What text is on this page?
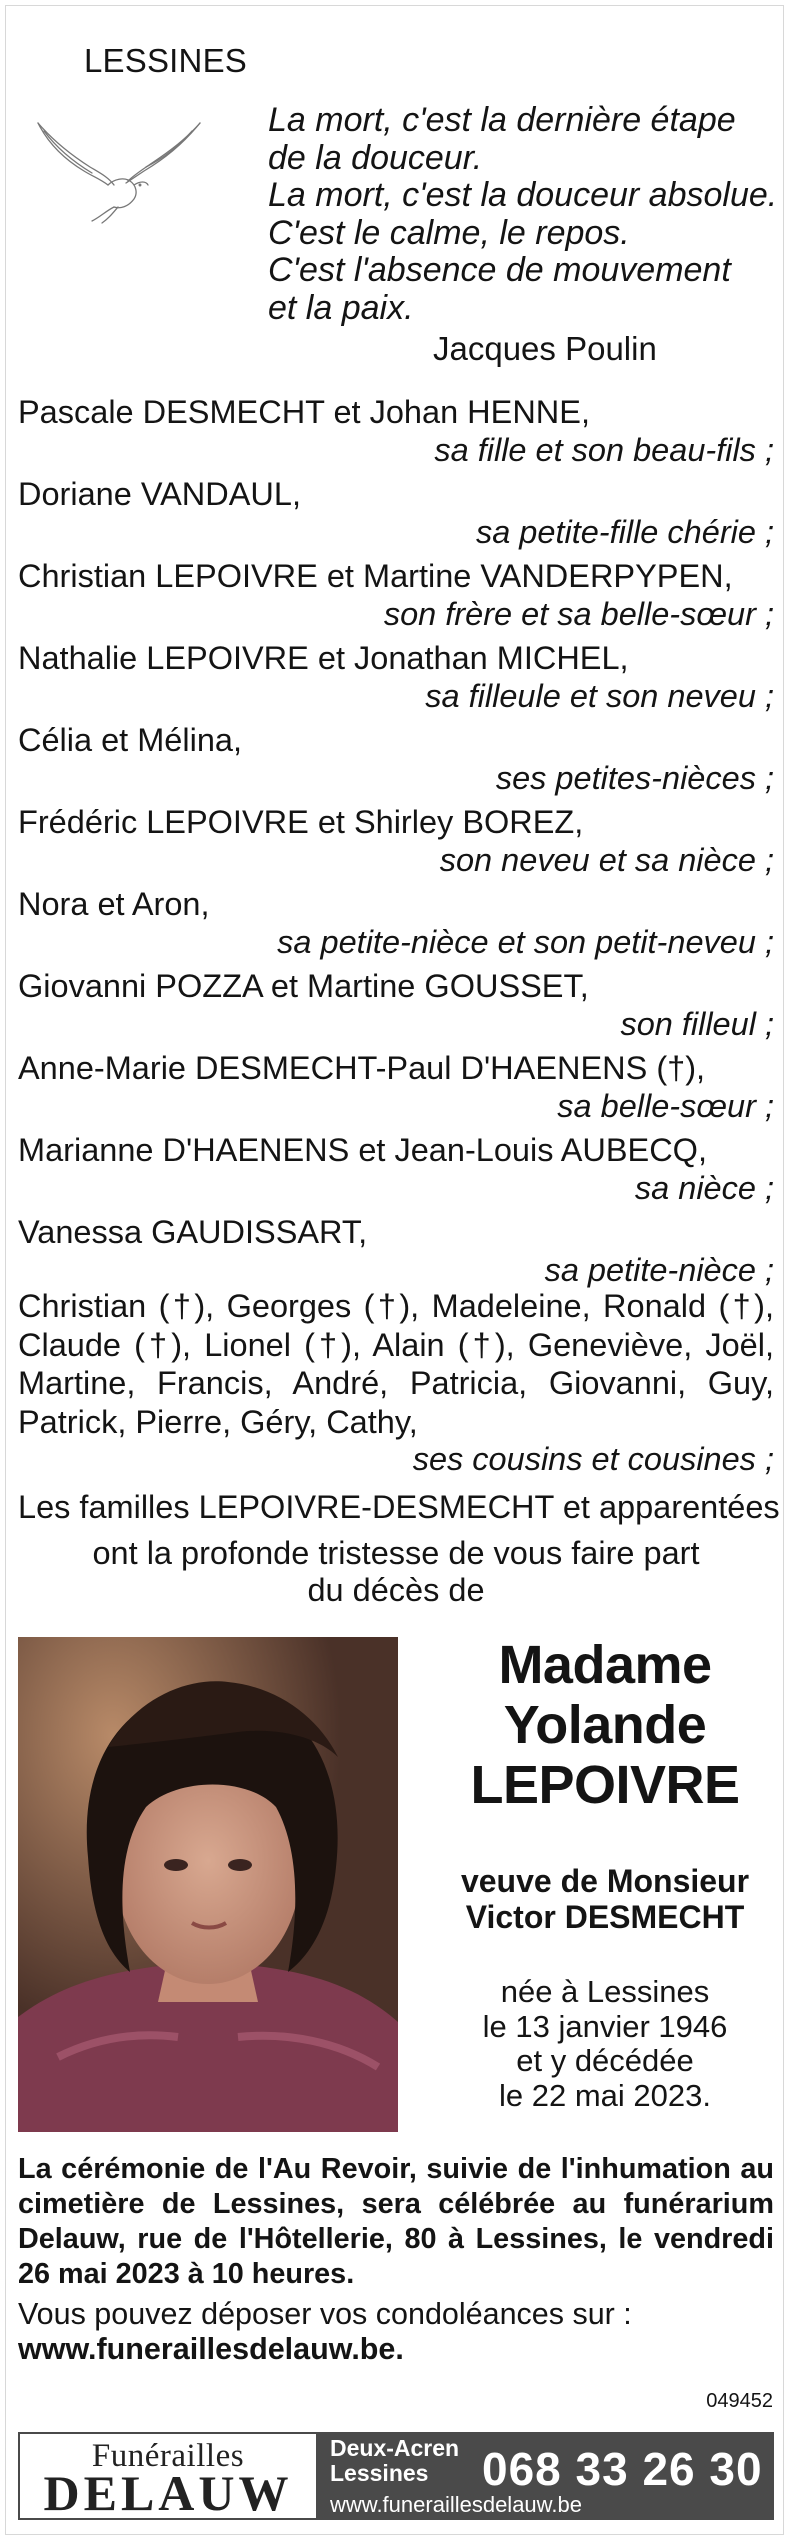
LESSINES
La mort, c'est la dernière étape
de la douceur.
La mort, c'est la douceur absolue.
C'est le calme, le repos.
C'est l'absence de mouvement
et la paix.
Jacques Poulin
Pascale DESMECHT et Johan HENNE,
sa fille et son beau-fils ;
Doriane VANDAUL,
sa petite-fille chérie ;
Christian LEPOIVRE et Martine VANDERPYPEN,
son frère et sa belle-sœur ;
Nathalie LEPOIVRE et Jonathan MICHEL,
sa filleule et son neveu ;
Célia et Mélina,
ses petites-nièces ;
Frédéric LEPOIVRE et Shirley BOREZ,
son neveu et sa nièce ;
Nora et Aron,
sa petite-nièce et son petit-neveu ;
Giovanni POZZA et Martine GOUSSET,
son filleul ;
Anne-Marie DESMECHT-Paul D'HAENENS (†),
sa belle-sœur ;
Marianne D'HAENENS et Jean-Louis AUBECQ,
sa nièce ;
Vanessa GAUDISSART,
sa petite-nièce ;
Christian (†), Georges (†), Madeleine, Ronald (†), Claude (†), Lionel (†), Alain (†), Geneviève, Joël, Martine, Francis, André, Patricia, Giovanni, Guy, Patrick, Pierre, Géry, Cathy,
ses cousins et cousines ;
Les familles LEPOIVRE-DESMECHT et apparentées
ont la profonde tristesse de vous faire part
du décès de
Madame
Yolande
LEPOIVRE
veuve de Monsieur
Victor DESMECHT
née à Lessines
le 13 janvier 1946
et y décédée
le 22 mai 2023.
La cérémonie de l'Au Revoir, suivie de l'inhumation au cimetière de Lessines, sera célébrée au funérarium Delauw, rue de l'Hôtellerie, 80 à Lessines, le vendredi 26 mai 2023 à 10 heures.
Vous pouvez déposer vos condoléances sur :
www.funeraillesdelauw.be.
049452
Funérailles
DELAUW
Deux-Acren
Lessines
www.funeraillesdelauw.be
068 33 26 30
